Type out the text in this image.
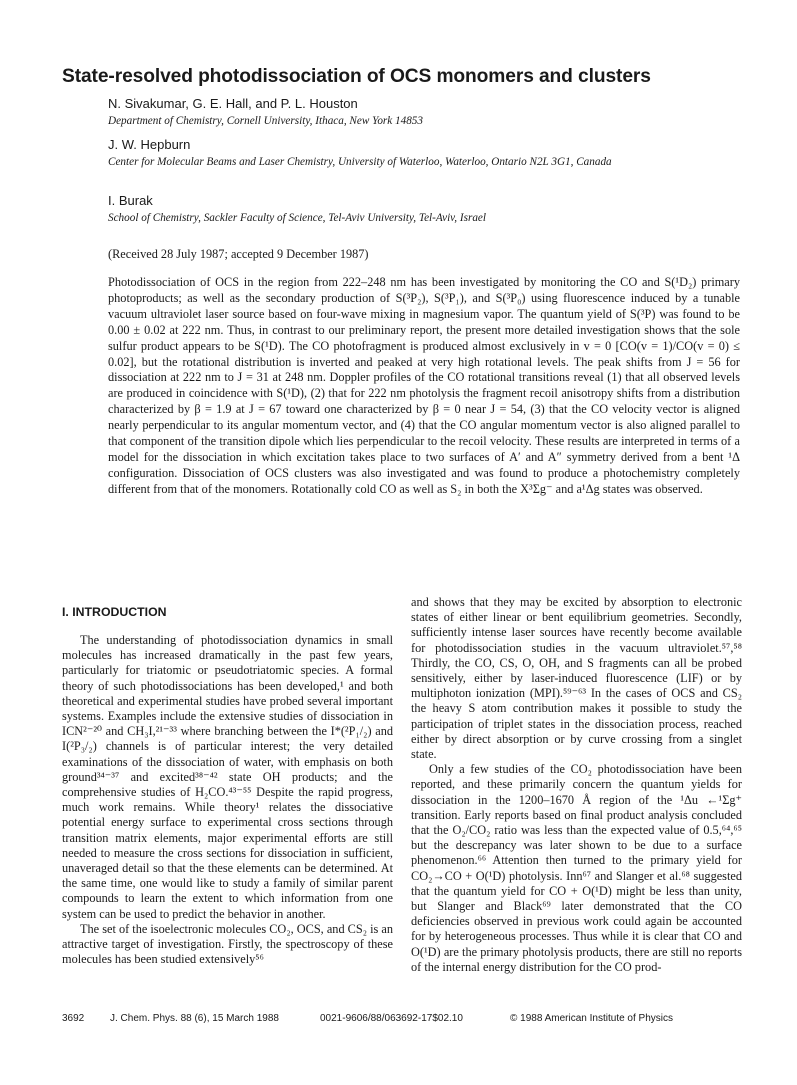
State-resolved photodissociation of OCS monomers and clusters
N. Sivakumar, G. E. Hall, and P. L. Houston
Department of Chemistry, Cornell University, Ithaca, New York 14853
J. W. Hepburn
Center for Molecular Beams and Laser Chemistry, University of Waterloo, Waterloo, Ontario N2L 3G1, Canada
I. Burak
School of Chemistry, Sackler Faculty of Science, Tel-Aviv University, Tel-Aviv, Israel
(Received 28 July 1987; accepted 9 December 1987)

Photodissociation of OCS in the region from 222–248 nm has been investigated by monitoring the CO and S(¹D₂) primary photoproducts; as well as the secondary production of S(³P₂), S(³P₁), and S(³P₀) using fluorescence induced by a tunable vacuum ultraviolet laser source based on four-wave mixing in magnesium vapor. The quantum yield of S(³P) was found to be 0.00 ± 0.02 at 222 nm. Thus, in contrast to our preliminary report, the present more detailed investigation shows that the sole sulfur product appears to be S(¹D). The CO photofragment is produced almost exclusively in v = 0 [CO(v = 1)/CO(v = 0) ≤ 0.02], but the rotational distribution is inverted and peaked at very high rotational levels. The peak shifts from J = 56 for dissociation at 222 nm to J = 31 at 248 nm. Doppler profiles of the CO rotational transitions reveal (1) that all observed levels are produced in coincidence with S(¹D), (2) that for 222 nm photolysis the fragment recoil anisotropy shifts from a distribution characterized by β = 1.9 at J = 67 toward one characterized by β = 0 near J = 54, (3) that the CO velocity vector is aligned nearly perpendicular to its angular momentum vector, and (4) that the CO angular momentum vector is also aligned parallel to that component of the transition dipole which lies perpendicular to the recoil velocity. These results are interpreted in terms of a model for the dissociation in which excitation takes place to two surfaces of A′ and A″ symmetry derived from a bent ¹Δ configuration. Dissociation of OCS clusters was also investigated and was found to produce a photochemistry completely different from that of the monomers. Rotationally cold CO as well as S₂ in both the X³Σg⁻ and a¹Δg states was observed.

I. INTRODUCTION

The understanding of photodissociation dynamics in small molecules has increased dramatically in the past few years, particularly for triatomic or pseudotriatomic species. A formal theory of such photodissociations has been developed,¹ and both theoretical and experimental studies have probed several important systems. Examples include the extensive studies of dissociation in ICN²⁻²⁰ and CH₃I,²¹⁻³³ where branching between the I*(²P₁/₂) and I(²P₃/₂) channels is of particular interest; the very detailed examinations of the dissociation of water, with emphasis on both ground³⁴⁻³⁷ and excited³⁸⁻⁴² state OH products; and the comprehensive studies of H₂CO.⁴³⁻⁵⁵ Despite the rapid progress, much work remains. While theory¹ relates the dissociative potential energy surface to experimental cross sections through transition matrix elements, major experimental efforts are still needed to measure the cross sections for dissociation in sufficient, unaveraged detail so that the these elements can be determined. At the same time, one would like to study a family of similar parent compounds to learn the extent to which information from one system can be used to predict the behavior in another.

The set of the isoelectronic molecules CO₂, OCS, and CS₂ is an attractive target of investigation. Firstly, the spectroscopy of these molecules has been studied extensively⁵⁶

and shows that they may be excited by absorption to electronic states of either linear or bent equilibrium geometries. Secondly, sufficiently intense laser sources have recently become available for photodissociation studies in the vacuum ultraviolet.⁵⁷,⁵⁸ Thirdly, the CO, CS, O, OH, and S fragments can all be probed sensitively, either by laser-induced fluorescence (LIF) or by multiphoton ionization (MPI).⁵⁹⁻⁶³ In the cases of OCS and CS₂ the heavy S atom contribution makes it possible to study the participation of triplet states in the dissociation process, reached either by direct absorption or by curve crossing from a singlet state.

Only a few studies of the CO₂ photodissociation have been reported, and these primarily concern the quantum yields for dissociation in the 1200–1670 Å region of the ¹Δu ←¹Σg⁺ transition. Early reports based on final product analysis concluded that the O₂/CO₂ ratio was less than the expected value of 0.5,⁶⁴,⁶⁵ but the descrepancy was later shown to be due to a surface phenomenon.⁶⁶ Attention then turned to the primary yield for CO₂→CO + O(¹D) photolysis. Inn⁶⁷ and Slanger et al.⁶⁸ suggested that the quantum yield for CO + O(¹D) might be less than unity, but Slanger and Black⁶⁹ later demonstrated that the CO deficiencies observed in previous work could again be accounted for by heterogeneous processes. Thus while it is clear that CO and O(¹D) are the primary photolysis products, there are still no reports of the internal energy distribution for the CO prod-

3692	J. Chem. Phys. 88 (6), 15 March 1988	0021-9606/88/063692-17$02.10	© 1988 American Institute of Physics
